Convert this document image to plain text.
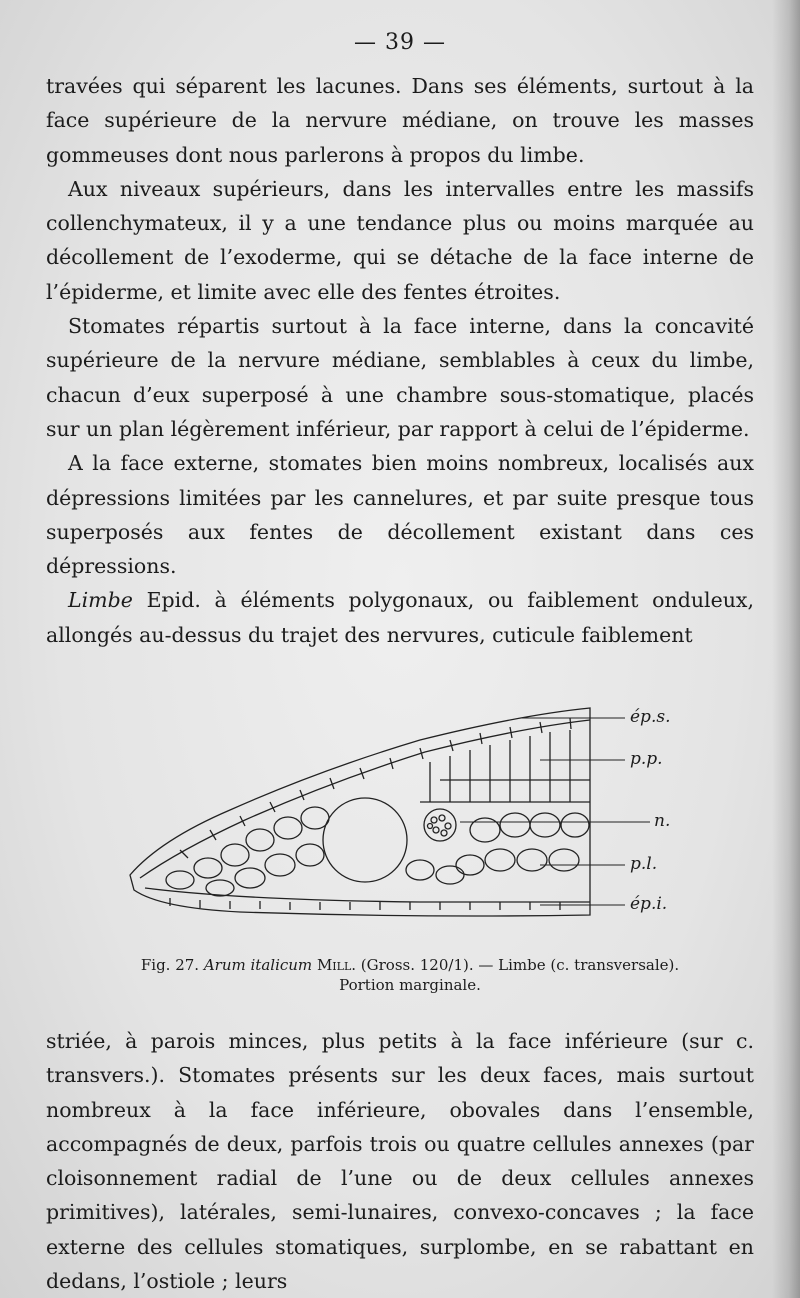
— 39 —
travées qui séparent les lacunes. Dans ses éléments, surtout à la face supérieure de la nervure médiane, on trouve les masses gommeuses dont nous parlerons à propos du limbe.
Aux niveaux supérieurs, dans les intervalles entre les massifs collenchymateux, il y a une tendance plus ou moins marquée au décollement de l’exoderme, qui se détache de la face interne de l’épiderme, et limite avec elle des fentes étroites.
Stomates répartis surtout à la face interne, dans la concavité supérieure de la nervure médiane, semblables à ceux du limbe, chacun d’eux superposé à une chambre sous-stomatique, placés sur un plan légèrement inférieur, par rapport à celui de l’épiderme.
A la face externe, stomates bien moins nombreux, localisés aux dépressions limitées par les cannelures, et par suite presque tous superposés aux fentes de décollement existant dans ces dépressions.
Limbe Epid. à éléments polygonaux, ou faiblement onduleux, allongés au-dessus du trajet des nervures, cuticule faiblement
ép.s.
p.p.
n.
p.l.
ép.i.
Fig. 27. Arum italicum Mill. (Gross. 120/1). — Limbe (c. transversale).
Portion marginale.
striée, à parois minces, plus petits à la face inférieure (sur c. transvers.). Stomates présents sur les deux faces, mais surtout nombreux à la face inférieure, obovales dans l’ensemble, accompagnés de deux, parfois trois ou quatre cellules annexes (par cloisonnement radial de l’une ou de deux cellules annexes primitives), latérales, semi-lunaires, convexo-concaves ; la face externe des cellules stomatiques, surplombe, en se rabattant en dedans, l’ostiole ; leurs
